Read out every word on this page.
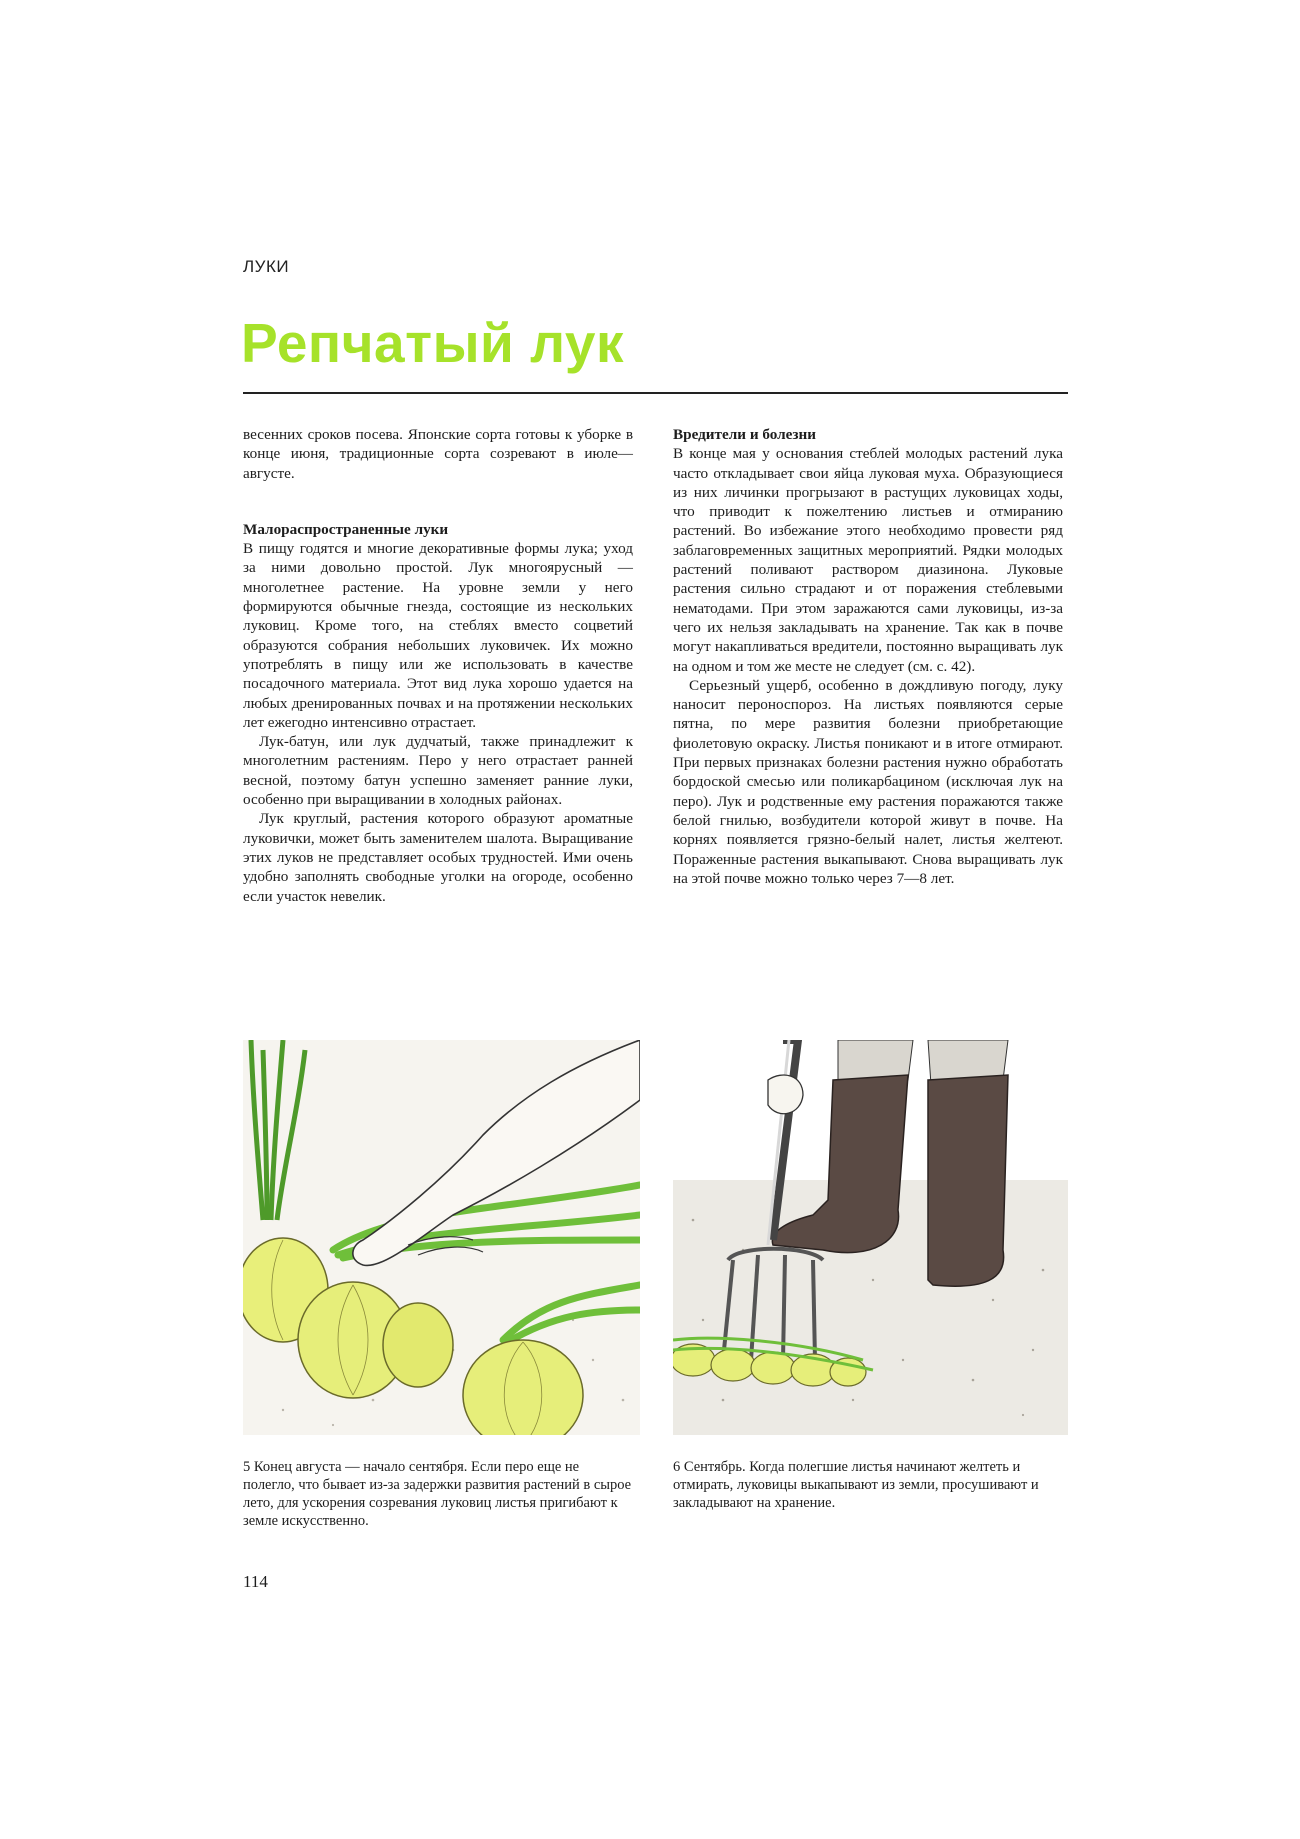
ЛУКИ
Репчатый лук

весенних сроков посева. Японские сорта готовы к уборке в конце июня, традиционные сорта созревают в июле—августе.

Малораспространенные луки

В пищу годятся и многие декоративные формы лука; уход за ними довольно простой. Лук многоярусный — многолетнее растение. На уровне земли у него формируются обычные гнезда, состоящие из нескольких луковиц. Кроме того, на стеблях вместо соцветий образуются собрания небольших луковичек. Их можно употреблять в пищу или же использовать в качестве посадочного материала. Этот вид лука хорошо удается на любых дренированных почвах и на протяжении нескольких лет ежегодно интенсивно отрастает.

Лук-батун, или лук дудчатый, также принадлежит к многолетним растениям. Перо у него отрастает ранней весной, поэтому батун успешно заменяет ранние луки, особенно при выращивании в холодных районах.

Лук круглый, растения которого образуют ароматные луковички, может быть заменителем шалота. Выращивание этих луков не представляет особых трудностей. Ими очень удобно заполнять свободные уголки на огороде, особенно если участок невелик.

Вредители и болезни

В конце мая у основания стеблей молодых растений лука часто откладывает свои яйца луковая муха. Образующиеся из них личинки прогрызают в растущих луковицах ходы, что приводит к пожелтению листьев и отмиранию растений. Во избежание этого необходимо провести ряд заблаговременных защитных мероприятий. Рядки молодых растений поливают раствором диазинона. Луковые растения сильно страдают и от поражения стеблевыми нематодами. При этом заражаются сами луковицы, из-за чего их нельзя закладывать на хранение. Так как в почве могут накапливаться вредители, постоянно выращивать лук на одном и том же месте не следует (см. с. 42).

Серьезный ущерб, особенно в дождливую погоду, луку наносит пероноспороз. На листьях появляются серые пятна, по мере развития болезни приобретающие фиолетовую окраску. Листья поникают и в итоге отмирают. При первых признаках болезни растения нужно обработать бордоской смесью или поликарбацином (исключая лук на перо). Лук и родственные ему растения поражаются также белой гнилью, возбудители которой живут в почве. На корнях появляется грязно-белый налет, листья желтеют. Пораженные растения выкапывают. Снова выращивать лук на этой почве можно только через 7—8 лет.

5 Конец августа — начало сентября. Если перо еще не полегло, что бывает из-за задержки развития растений в сырое лето, для ускорения созревания луковиц листья пригибают к земле искусственно.
6 Сентябрь. Когда полегшие листья начинают желтеть и отмирать, луковицы выкапывают из земли, просушивают и закладывают на хранение.
114
